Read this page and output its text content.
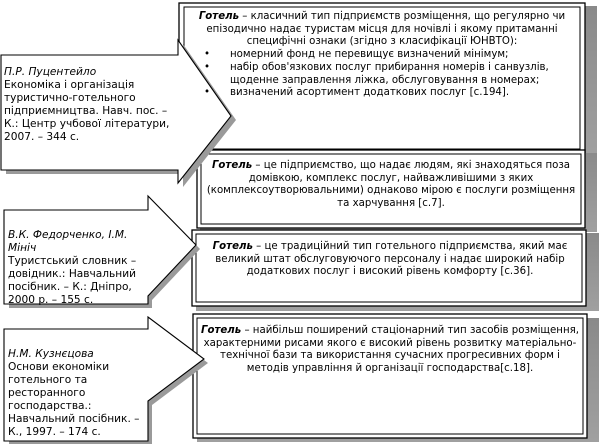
П.Р. Пуцентейло
Економіка і організація туристично-готельного підприємництва. Навч. пос. – К.: Центр учбової літератури, 2007. – 344 с.
В.К. Федорченко, І.М. Мініч
Туристський словник – довідник.: Навчальний посібник. – К.: Дніпро, 2000 р. – 155 с.
Н.М. Кузнєцова
Основи економіки готельного та ресторанного господарства.: Навчальний посібник. – К., 1997. – 174 с.
Готель – класичний тип підприємств розміщення, що регулярно чи епізодично надає туристам місця для ночівлі і якому притаманні специфічні ознаки (згідно з класифікації ЮНВТО):
• номерний фонд не перевищує визначений мінімум;
• набір обов'язкових послуг прибирання номерів і санвузлів, щоденне заправлення ліжка, обслуговування в номерах;
• визначений асортимент додаткових послуг [с.194].
Готель – це підприємство, що надає людям, які знаходяться поза домівкою, комплекс послуг, найважливішими з яких (комплексоутворювальними) однаково мірою є послуги розміщення та харчування [с.7].
Готель – це традиційний тип готельного підприємства, який має великий штат обслуговуючого персоналу і надає широкий набір додаткових послуг і високий рівень комфорту [с.36].
Готель – найбільш поширений стаціонарний тип засобів розміщення, характерними рисами якого є високий рівень розвитку матеріально-технічної бази та використання сучасних прогресивних форм і методів управління й організації господарства[с.18].
